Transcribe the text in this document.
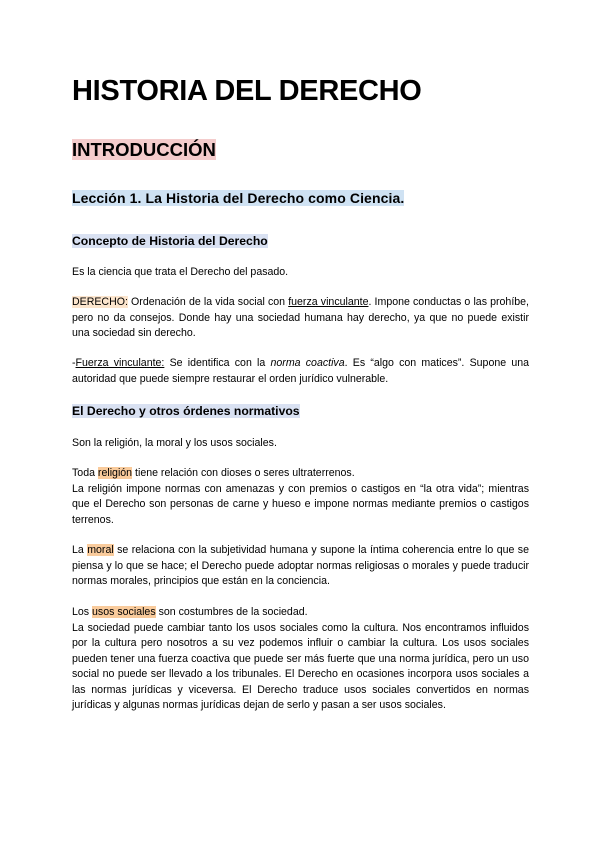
HISTORIA DEL DERECHO
INTRODUCCIÓN
Lección 1. La Historia del Derecho como Ciencia.
Concepto de Historia del Derecho
Es la ciencia que trata el Derecho del pasado.
DERECHO: Ordenación de la vida social con fuerza vinculante. Impone conductas o las prohíbe, pero no da consejos. Donde hay una sociedad humana hay derecho, ya que no puede existir una sociedad sin derecho.
-Fuerza vinculante: Se identifica con la norma coactiva. Es “algo con matices”. Supone una autoridad que puede siempre restaurar el orden jurídico vulnerable.
El Derecho y otros órdenes normativos
Son la religión, la moral y los usos sociales.
Toda religión tiene relación con dioses o seres ultraterrenos.
La religión impone normas con amenazas y con premios o castigos en “la otra vida”; mientras que el Derecho son personas de carne y hueso e impone normas mediante premios o castigos terrenos.
La moral se relaciona con la subjetividad humana y supone la íntima coherencia entre lo que se piensa y lo que se hace; el Derecho puede adoptar normas religiosas o morales y puede traducir normas morales, principios que están en la conciencia.
Los usos sociales son costumbres de la sociedad.
La sociedad puede cambiar tanto los usos sociales como la cultura. Nos encontramos influidos por la cultura pero nosotros a su vez podemos influir o cambiar la cultura. Los usos sociales pueden tener una fuerza coactiva que puede ser más fuerte que una norma jurídica, pero un uso social no puede ser llevado a los tribunales. El Derecho en ocasiones incorpora usos sociales a las normas jurídicas y viceversa. El Derecho traduce usos sociales convertidos en normas jurídicas y algunas normas jurídicas dejan de serlo y pasan a ser usos sociales.
